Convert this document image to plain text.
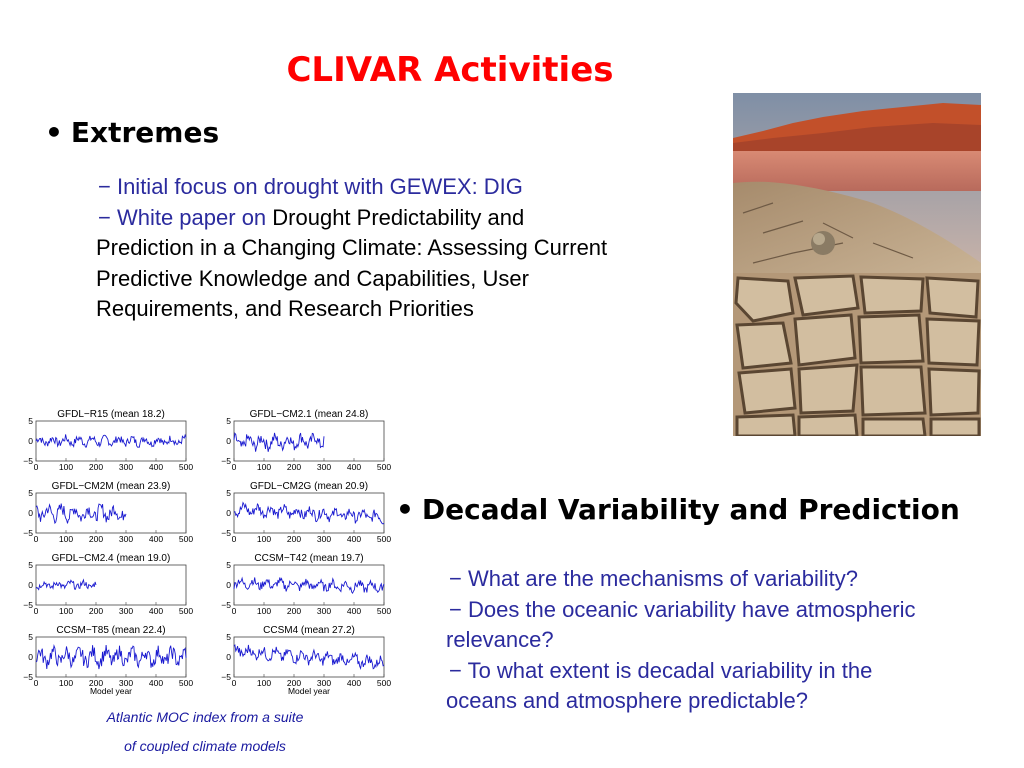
CLIVAR Activities
• Extremes
− Initial focus on drought with GEWEX: DIG
− White paper on Drought Predictability and
Prediction in a Changing Climate: Assessing Current
Predictive Knowledge and Capabilities, User
Requirements, and Research Priorities
GFDL−R15 (mean 18.2)
5
0
−5
0 100 200 300 400 500
GFDL−CM2.1 (mean 24.8)
5
0
−5
0 100 200 300 400 500
GFDL−CM2M (mean 23.9)
5
0
−5
0 100 200 300 400 500
GFDL−CM2G (mean 20.9)
5
0
−5
0 100 200 300 400 500
GFDL−CM2.4 (mean 19.0)
5
0
−5
0 100 200 300 400 500
CCSM−T42 (mean 19.7)
5
0
−5
0 100 200 300 400 500
CCSM−T85 (mean 22.4)
5
0
−5
0 100 200 300 400 500
Model year
CCSM4 (mean 27.2)
5
0
−5
0 100 200 300 400 500
Model year
Atlantic MOC index from a suite
of coupled climate models
• Decadal Variability and Prediction
− What are the mechanisms of variability?
− Does the oceanic variability have atmospheric
relevance?
− To what extent is decadal variability in the
oceans and atmosphere predictable?
